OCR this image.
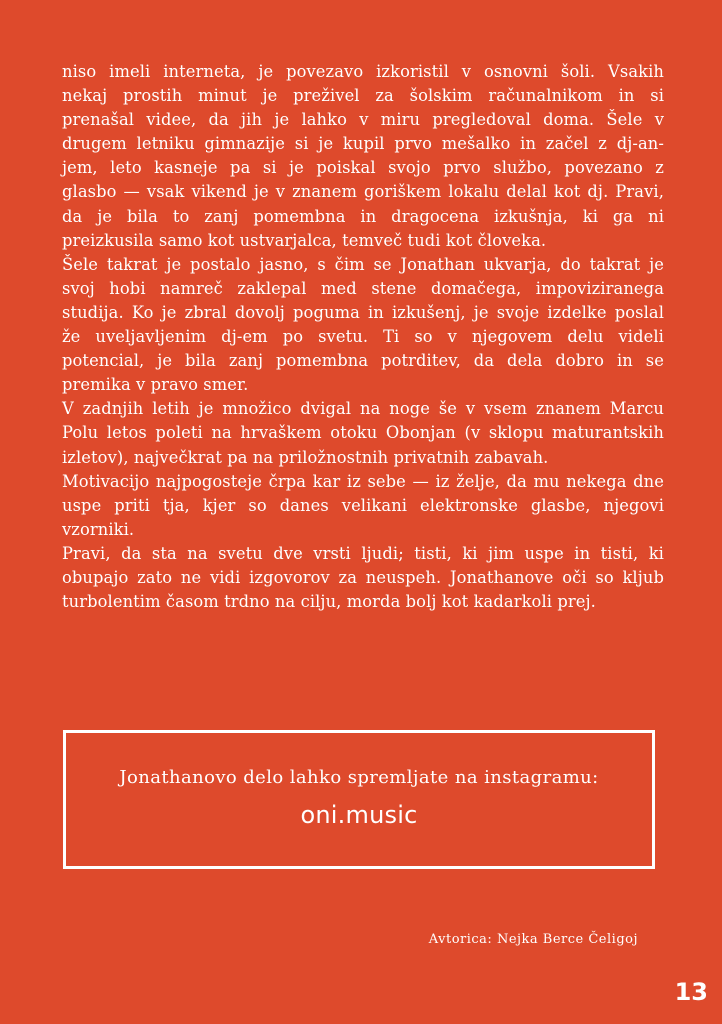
niso imeli interneta, je povezavo izkoristil v osnovni šoli. Vsakih
nekaj prostih minut je preživel za šolskim računalnikom in si
prenašal videe, da jih je lahko v miru pregledoval doma. Šele v
drugem letniku gimnazije si je kupil prvo mešalko in začel z dj-an-
jem, leto kasneje pa si je poiskal svojo prvo službo, povezano z
glasbo — vsak vikend je v znanem goriškem lokalu delal kot dj. Pravi,
da je bila to zanj pomembna in dragocena izkušnja, ki ga ni
preizkusila samo kot ustvarjalca, temveč tudi kot človeka.
Šele takrat je postalo jasno, s čim se Jonathan ukvarja, do takrat je
svoj hobi namreč zaklepal med stene domačega, impoviziranega
studija. Ko je zbral dovolj poguma in izkušenj, je svoje izdelke poslal
že uveljavljenim dj-em po svetu. Ti so v njegovem delu videli
potencial, je bila zanj pomembna potrditev, da dela dobro in se
premika v pravo smer.
V zadnjih letih je množico dvigal na noge še v vsem znanem Marcu
Polu letos poleti na hrvaškem otoku Obonjan (v sklopu maturantskih
izletov), največkrat pa na priložnostnih privatnih zabavah.
Motivacijo najpogosteje črpa kar iz sebe — iz želje, da mu nekega dne
uspe priti tja, kjer so danes velikani elektronske glasbe, njegovi
vzorniki.
Pravi, da sta na svetu dve vrsti ljudi; tisti, ki jim uspe in tisti, ki
obupajo zato ne vidi izgovorov za neuspeh. Jonathanove oči so kljub
turbolentim časom trdno na cilju, morda bolj kot kadarkoli prej.
Jonathanovo delo lahko spremljate na instagramu:
oni.music
Avtorica: Nejka Berce Čeligoj
13
